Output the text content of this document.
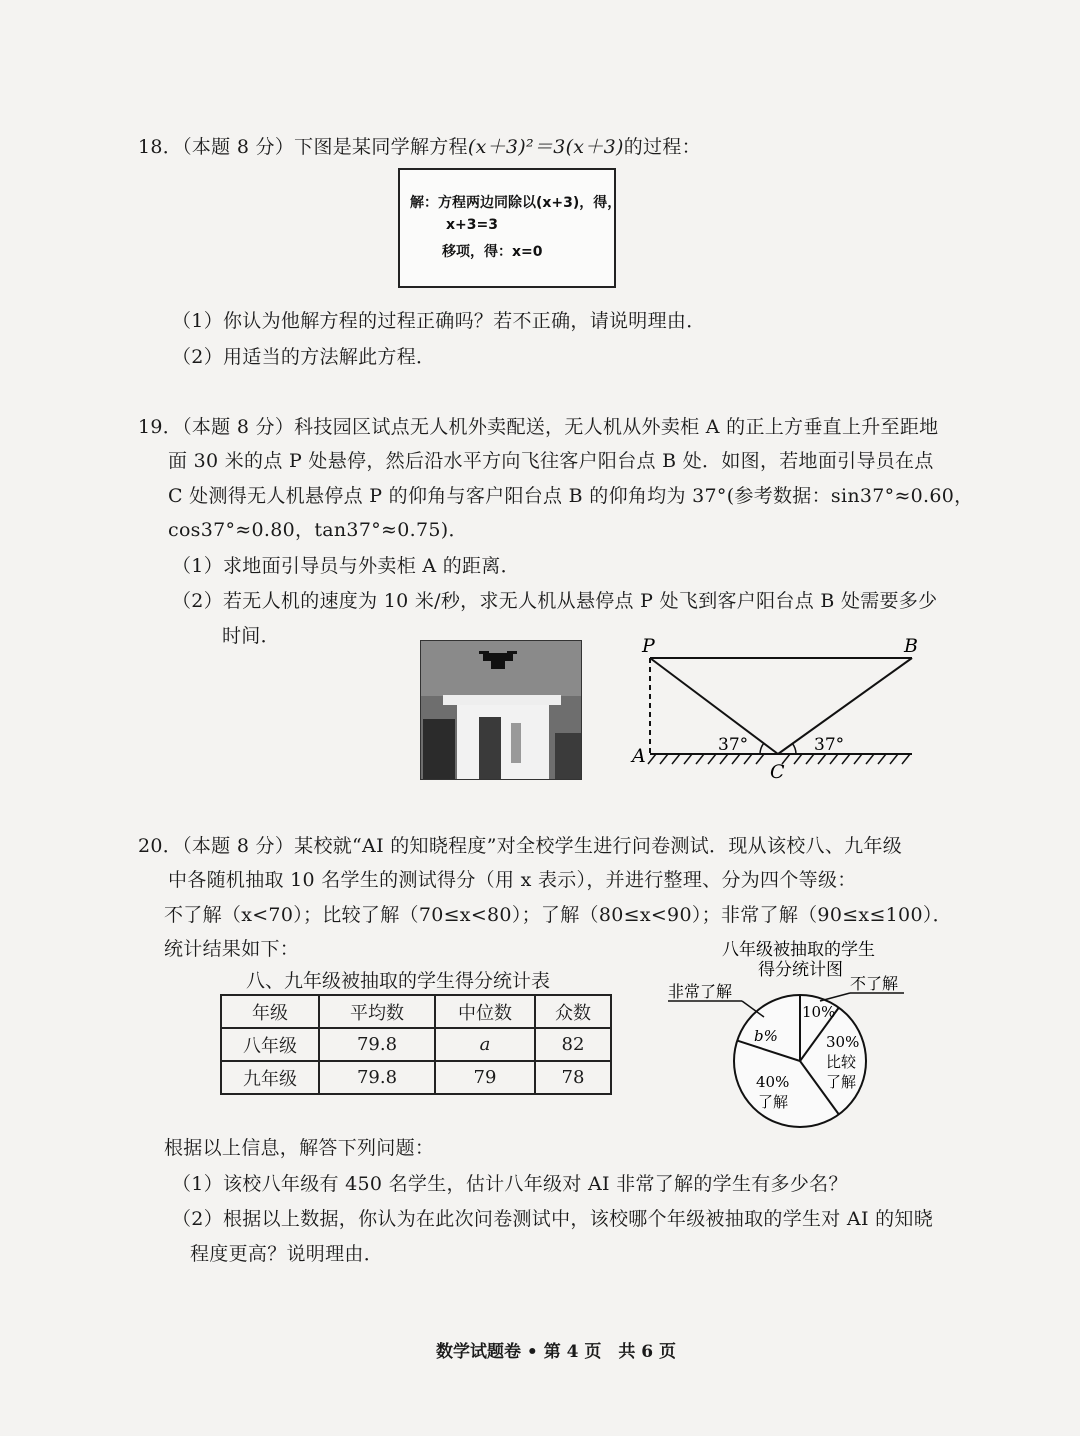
18．（本题 8 分）下图是某同学解方程(x＋3)²＝3(x＋3)的过程：
解：方程两边同除以(x+3)，得，
x+3=3
移项，得：x=0
（1）你认为他解方程的过程正确吗？若不正确，请说明理由．
（2）用适当的方法解此方程．
19．（本题 8 分）科技园区试点无人机外卖配送，无人机从外卖柜 A 的正上方垂直上升至距地
面 30 米的点 P 处悬停，然后沿水平方向飞往客户阳台点 B 处．如图，若地面引导员在点
C 处测得无人机悬停点 P 的仰角与客户阳台点 B 的仰角均为 37°(参考数据：sin37°≈0.60，
cos37°≈0.80，tan37°≈0.75)．
（1）求地面引导员与外卖柜 A 的距离．
（2）若无人机的速度为 10 米/秒，求无人机从悬停点 P 处飞到客户阳台点 B 处需要多少
时间．	P	B
A
C
37°	37°
20．（本题 8 分）某校就“AI 的知晓程度”对全校学生进行问卷测试．现从该校八、九年级
中各随机抽取 10 名学生的测试得分（用 x 表示），并进行整理、分为四个等级：
不了解（x<70）；比较了解（70≤x<80）；了解（80≤x<90）；非常了解（90≤x≤100）．
统计结果如下：
八、九年级被抽取的学生得分统计表
年级	平均数	中位数	众数
八年级	79.8	a	82
九年级	79.8	79	78
八年级被抽取的学生
得分统计图
10%
30%
比较
了解
40%
了解
b%
非常了解	不了解
根据以上信息，解答下列问题：
（1）该校八年级有 450 名学生，估计八年级对 AI 非常了解的学生有多少名？
（2）根据以上数据，你认为在此次问卷测试中，该校哪个年级被抽取的学生对 AI 的知晓
程度更高？说明理由．
数学试题卷 • 第 4 页　共 6 页
